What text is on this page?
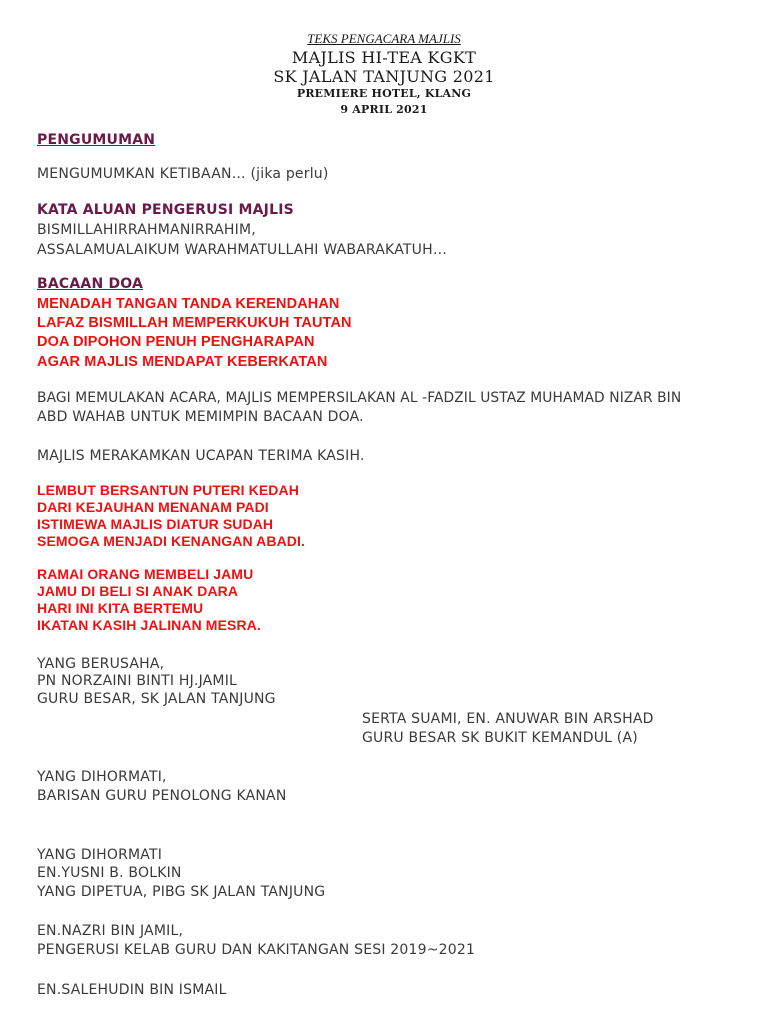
TEKS PENGACARA MAJLIS
MAJLIS HI-TEA KGKT
SK JALAN TANJUNG 2021
PREMIERE HOTEL, KLANG
9 APRIL 2021
PENGUMUMAN
MENGUMUMKAN KETIBAAN… (jika perlu)
KATA ALUAN PENGERUSI MAJLIS
BISMILLAHIRRAHMANIRRAHIM,
ASSALAMUALAIKUM WARAHMATULLAHI WABARAKATUH…
BACAAN DOA
MENADAH TANGAN TANDA KERENDAHAN
LAFAZ BISMILLAH MEMPERKUKUH TAUTAN
DOA DIPOHON PENUH PENGHARAPAN
AGAR MAJLIS MENDAPAT KEBERKATAN
BAGI MEMULAKAN ACARA, MAJLIS MEMPERSILAKAN AL -FADZIL USTAZ MUHAMAD NIZAR BIN
ABD WAHAB UNTUK MEMIMPIN BACAAN DOA.
MAJLIS MERAKAMKAN UCAPAN TERIMA KASIH.
LEMBUT BERSANTUN PUTERI KEDAH
DARI KEJAUHAN MENANAM PADI
ISTIMEWA MAJLIS DIATUR SUDAH
SEMOGA MENJADI KENANGAN ABADI.
RAMAI ORANG MEMBELI JAMU
JAMU DI BELI SI ANAK DARA
HARI INI KITA BERTEMU
IKATAN KASIH JALINAN MESRA.
YANG BERUSAHA,
PN NORZAINI BINTI HJ.JAMIL
GURU BESAR, SK JALAN TANJUNG
SERTA SUAMI, EN. ANUWAR BIN ARSHAD
GURU BESAR SK BUKIT KEMANDUL (A)
YANG DIHORMATI,
BARISAN GURU PENOLONG KANAN
YANG DIHORMATI
EN.YUSNI B. BOLKIN
YANG DIPETUA, PIBG SK JALAN TANJUNG
EN.NAZRI BIN JAMIL,
PENGERUSI KELAB GURU DAN KAKITANGAN SESI 2019~2021
EN.SALEHUDIN BIN ISMAIL
